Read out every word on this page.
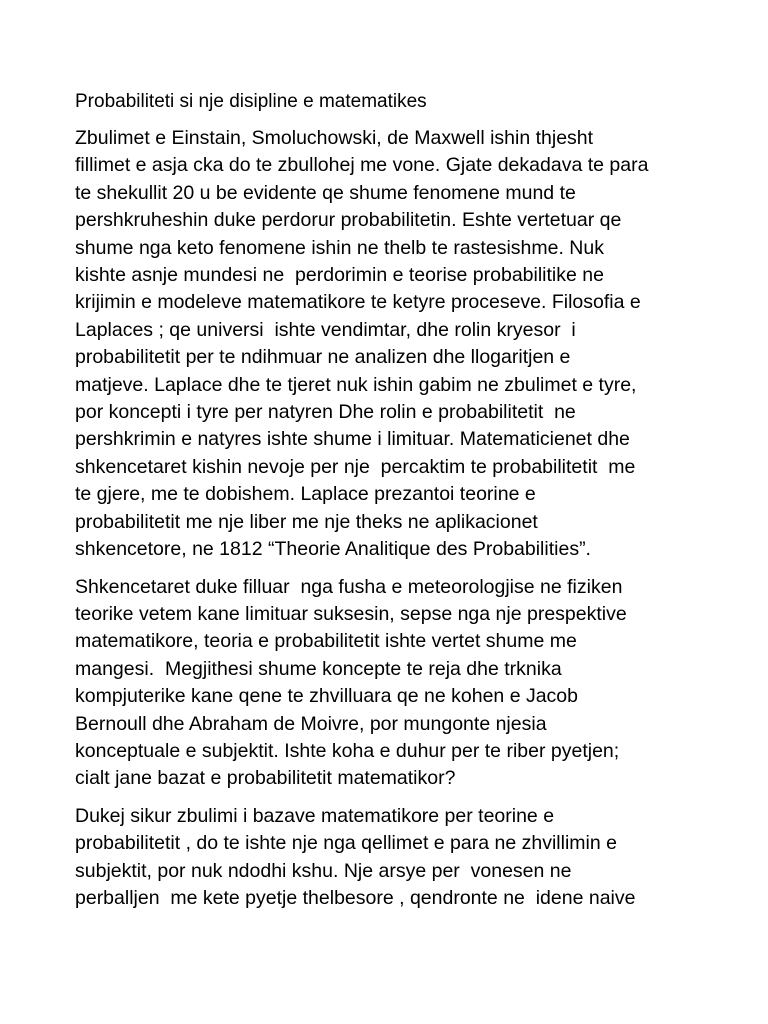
Probabiliteti si nje disipline e matematikes
Zbulimet e Einstain, Smoluchowski, de Maxwell ishin thjesht
fillimet e asja cka do te zbullohej me vone. Gjate dekadava te para
te shekullit 20 u be evidente qe shume fenomene mund te
pershkruheshin duke perdorur probabilitetin. Eshte vertetuar qe
shume nga keto fenomene ishin ne thelb te rastesishme. Nuk
kishte asnje mundesi ne  perdorimin e teorise probabilitike ne
krijimin e modeleve matematikore te ketyre proceseve. Filosofia e
Laplaces ; qe universi  ishte vendimtar, dhe rolin kryesor  i
probabilitetit per te ndihmuar ne analizen dhe llogaritjen e
matjeve. Laplace dhe te tjeret nuk ishin gabim ne zbulimet e tyre,
por koncepti i tyre per natyren Dhe rolin e probabilitetit  ne
pershkrimin e natyres ishte shume i limituar. Matematicienet dhe
shkencetaret kishin nevoje per nje  percaktim te probabilitetit  me
te gjere, me te dobishem. Laplace prezantoi teorine e
probabilitetit me nje liber me nje theks ne aplikacionet
shkencetore, ne 1812 “Theorie Analitique des Probabilities”.
Shkencetaret duke filluar  nga fusha e meteorologjise ne fiziken
teorike vetem kane limituar suksesin, sepse nga nje prespektive
matematikore, teoria e probabilitetit ishte vertet shume me
mangesi.  Megjithesi shume koncepte te reja dhe trknika
kompjuterike kane qene te zhvilluara qe ne kohen e Jacob
Bernoull dhe Abraham de Moivre, por mungonte njesia
konceptuale e subjektit. Ishte koha e duhur per te riber pyetjen;
cialt jane bazat e probabilitetit matematikor?
Dukej sikur zbulimi i bazave matematikore per teorine e
probabilitetit , do te ishte nje nga qellimet e para ne zhvillimin e
subjektit, por nuk ndodhi kshu. Nje arsye per  vonesen ne
perballjen  me kete pyetje thelbesore , qendronte ne  idene naive
